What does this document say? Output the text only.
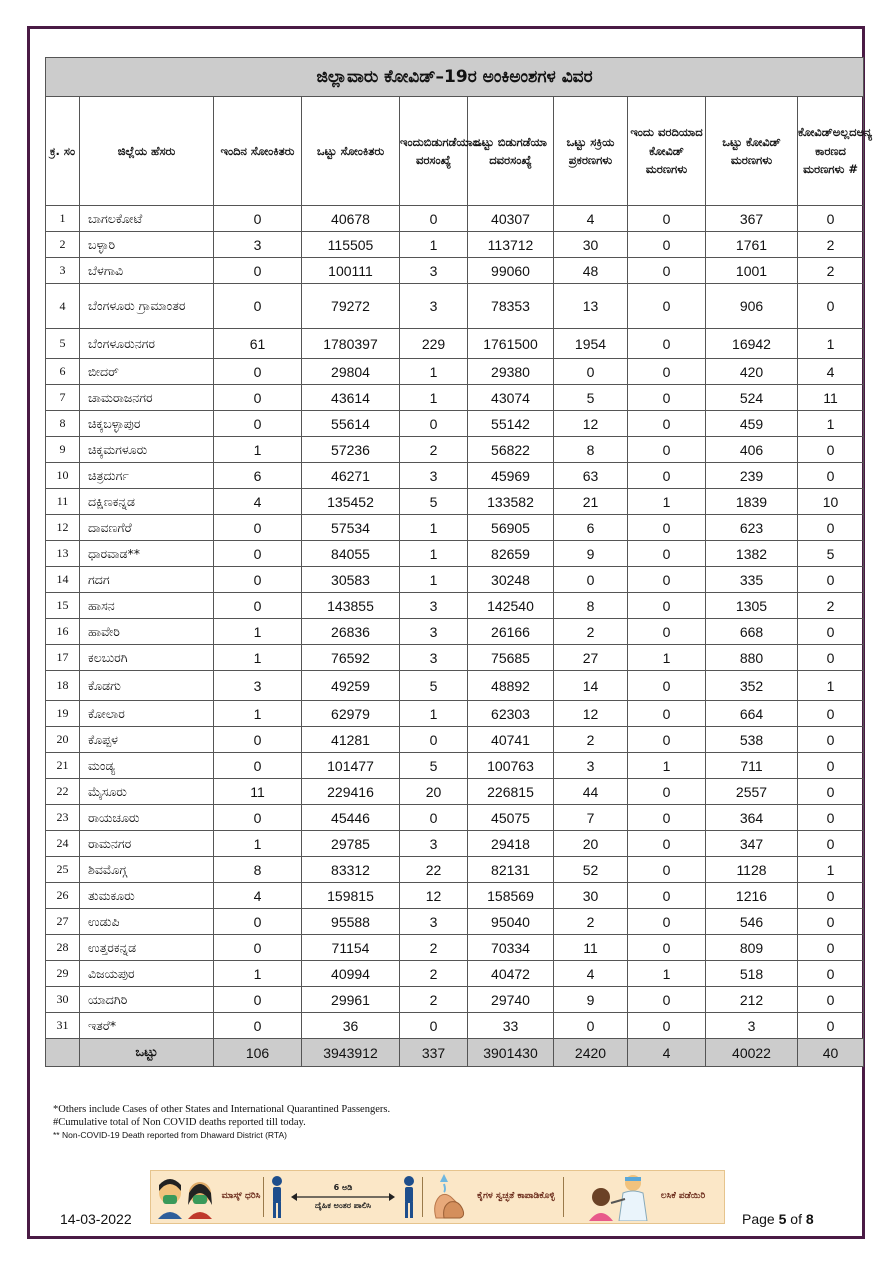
ಜಿಲ್ಲಾವಾರು ಕೋವಿಡ್–19ರ ಅಂಕಿಅಂಶಗಳ ವಿವರ									
ಕ್ರ. ಸಂ	ಜಿಲ್ಲೆಯ ಹೆಸರು	ಇಂದಿನ ಸೋಂಕಿತರು	ಒಟ್ಟು ಸೋಂಕಿತರು	ಇಂದುಬಿಡುಗಡೆಯಾದ ವರಸಂಖ್ಯೆ	ಒಟ್ಟು ಬಿಡುಗಡೆಯಾ ದವರಸಂಖ್ಯೆ	ಒಟ್ಟು ಸಕ್ರಿಯ ಪ್ರಕರಣಗಳು	ಇಂದು ವರದಿಯಾದ ಕೋವಿಡ್ ಮರಣಗಳು	ಒಟ್ಟು ಕೋವಿಡ್ ಮರಣಗಳು	ಕೋವಿಡ್‌ಅಲ್ಲದಅನ್ಯ ಕಾರಣದ ಮರಣಗಳು #
1	ಬಾಗಲಕೋಟೆ	0	40678	0	40307	4	0	367	0
2	ಬಳ್ಳಾರಿ	3	115505	1	113712	30	0	1761	2
3	ಬೆಳಗಾವಿ	0	100111	3	99060	48	0	1001	2
4	ಬೆಂಗಳೂರು ಗ್ರಾಮಾಂತರ	0	79272	3	78353	13	0	906	0
5	ಬೆಂಗಳೂರುನಗರ	61	1780397	229	1761500	1954	0	16942	1
6	ಬೀದರ್	0	29804	1	29380	0	0	420	4
7	ಚಾಮರಾಜನಗರ	0	43614	1	43074	5	0	524	11
8	ಚಿಕ್ಕಬಳ್ಳಾಪುರ	0	55614	0	55142	12	0	459	1
9	ಚಿಕ್ಕಮಗಳೂರು	1	57236	2	56822	8	0	406	0
10	ಚಿತ್ರದುರ್ಗ	6	46271	3	45969	63	0	239	0
11	ದಕ್ಷಿಣಕನ್ನಡ	4	135452	5	133582	21	1	1839	10
12	ದಾವಣಗೆರೆ	0	57534	1	56905	6	0	623	0
13	ಧಾರವಾಡ**	0	84055	1	82659	9	0	1382	5
14	ಗದಗ	0	30583	1	30248	0	0	335	0
15	ಹಾಸನ	0	143855	3	142540	8	0	1305	2
16	ಹಾವೇರಿ	1	26836	3	26166	2	0	668	0
17	ಕಲಬುರಗಿ	1	76592	3	75685	27	1	880	0
18	ಕೊಡಗು	3	49259	5	48892	14	0	352	1
19	ಕೋಲಾರ	1	62979	1	62303	12	0	664	0
20	ಕೊಪ್ಪಳ	0	41281	0	40741	2	0	538	0
21	ಮಂಡ್ಯ	0	101477	5	100763	3	1	711	0
22	ಮೈಸೂರು	11	229416	20	226815	44	0	2557	0
23	ರಾಯಚೂರು	0	45446	0	45075	7	0	364	0
24	ರಾಮನಗರ	1	29785	3	29418	20	0	347	0
25	ಶಿವಮೊಗ್ಗ	8	83312	22	82131	52	0	1128	1
26	ತುಮಕೂರು	4	159815	12	158569	30	0	1216	0
27	ಉಡುಪಿ	0	95588	3	95040	2	0	546	0
28	ಉತ್ತರಕನ್ನಡ	0	71154	2	70334	11	0	809	0
29	ವಿಜಯಪುರ	1	40994	2	40472	4	1	518	0
30	ಯಾದಗಿರಿ	0	29961	2	29740	9	0	212	0
31	ಇತರೆ*	0	36	0	33	0	0	3	0
	ಒಟ್ಟು	106	3943912	337	3901430	2420	4	40022	40
*Others include Cases of other States and International Quarantined Passengers.
#Cumulative total of Non COVID deaths reported till today.
** Non-COVID-19 Death reported from Dhaward District (RTA)
ಮಾಸ್ಕ್ ಧರಿಸಿ
6 ಅಡಿ
ದೈಹಿಕ ಅಂತರ ಪಾಲಿಸಿ
ಕೈಗಳ ಸ್ವಚ್ಛತೆ ಕಾಪಾಡಿಕೊಳ್ಳಿ	ಲಸಿಕೆ ಪಡೆಯಿರಿ
14-03-2022	Page 5 of 8
